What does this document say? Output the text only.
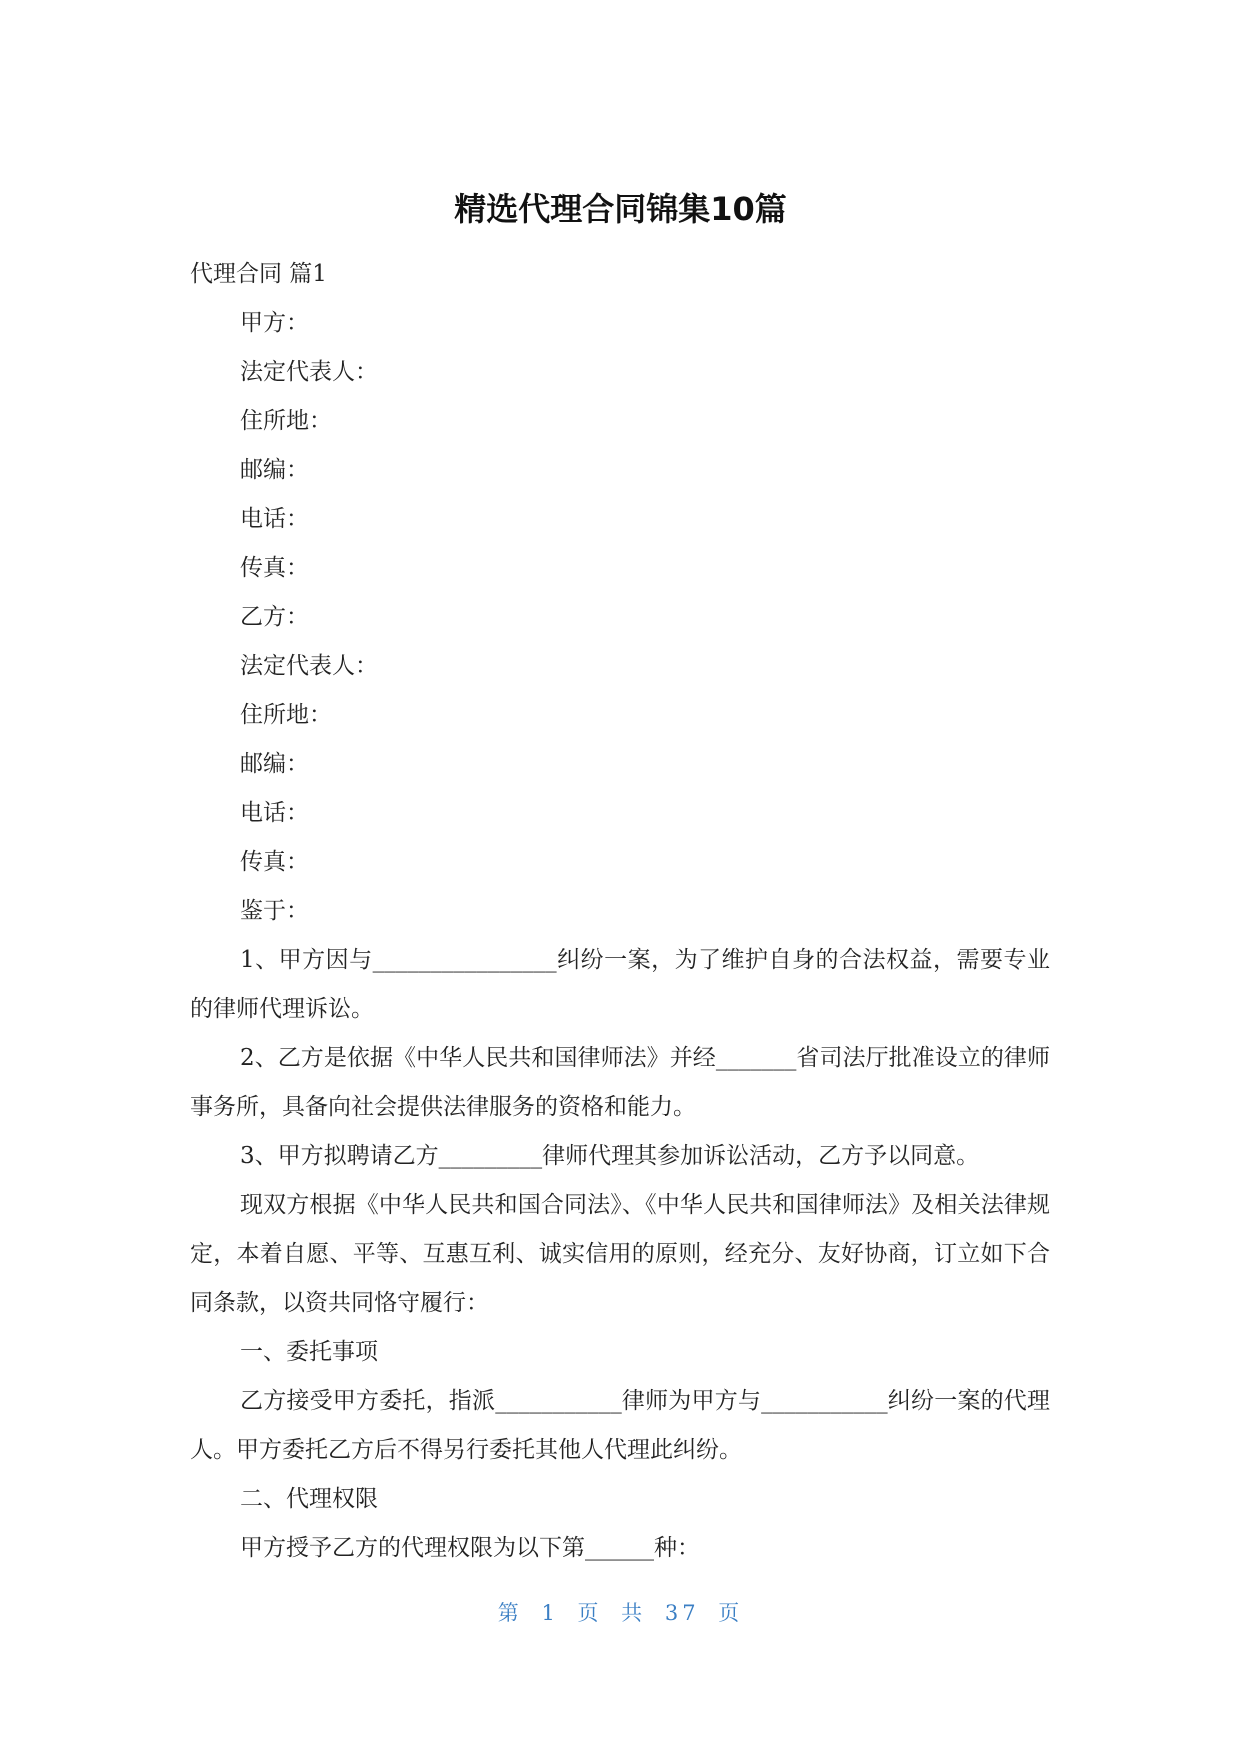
精选代理合同锦集10篇

代理合同 篇1

甲方：

法定代表人：

住所地：

邮编：

电话：

传真：

乙方：

法定代表人：

住所地：

邮编：

电话：

传真：

鉴于：

1、甲方因与________________纠纷一案，为了维护自身的合法权益，需要专业的律师代理诉讼。

2、乙方是依据《中华人民共和国律师法》并经_______省司法厅批准设立的律师事务所，具备向社会提供法律服务的资格和能力。

3、甲方拟聘请乙方_________律师代理其参加诉讼活动，乙方予以同意。

现双方根据《中华人民共和国合同法》、《中华人民共和国律师法》及相关法律规定，本着自愿、平等、互惠互利、诚实信用的原则，经充分、友好协商，订立如下合同条款，以资共同恪守履行：

一、委托事项

乙方接受甲方委托，指派___________律师为甲方与___________纠纷一案的代理人。甲方委托乙方后不得另行委托其他人代理此纠纷。

二、代理权限

甲方授予乙方的代理权限为以下第______种：

第 1 页 共 37 页
